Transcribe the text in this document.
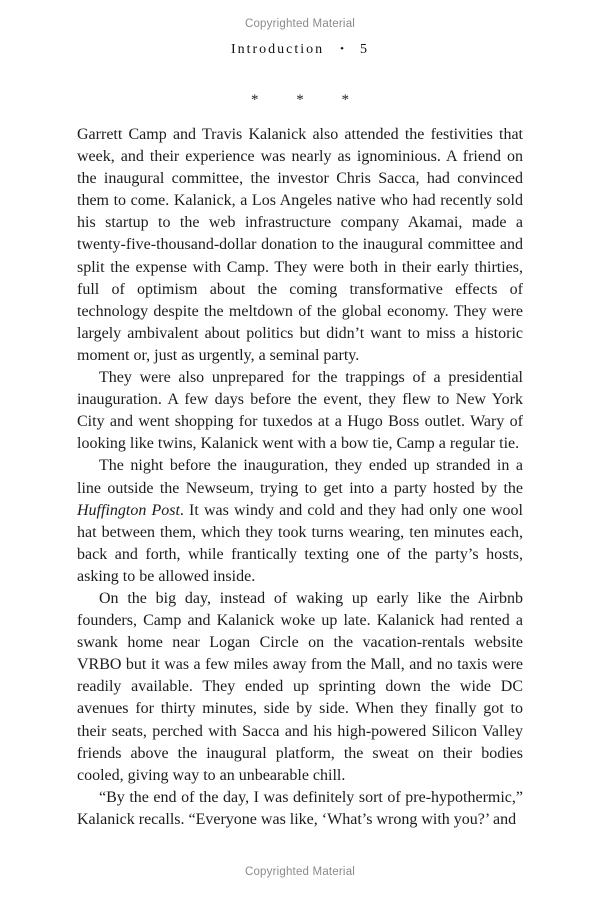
Copyrighted Material
Introduction • 5
* * *

Garrett Camp and Travis Kalanick also attended the festivities that week, and their experience was nearly as ignominious. A friend on the inaugural committee, the investor Chris Sacca, had convinced them to come. Kalanick, a Los Angeles native who had recently sold his startup to the web infrastructure company Akamai, made a twenty-five-thousand-dollar donation to the inaugural committee and split the expense with Camp. They were both in their early thirties, full of optimism about the coming transformative effects of technology despite the meltdown of the global economy. They were largely ambivalent about politics but didn’t want to miss a historic moment or, just as urgently, a seminal party.

They were also unprepared for the trappings of a presidential inauguration. A few days before the event, they flew to New York City and went shopping for tuxedos at a Hugo Boss outlet. Wary of looking like twins, Kalanick went with a bow tie, Camp a regular tie.

The night before the inauguration, they ended up stranded in a line outside the Newseum, trying to get into a party hosted by the Huffington Post. It was windy and cold and they had only one wool hat between them, which they took turns wearing, ten minutes each, back and forth, while frantically texting one of the party’s hosts, asking to be allowed inside.

On the big day, instead of waking up early like the Airbnb founders, Camp and Kalanick woke up late. Kalanick had rented a swank home near Logan Circle on the vacation-rentals website VRBO but it was a few miles away from the Mall, and no taxis were readily available. They ended up sprinting down the wide DC avenues for thirty minutes, side by side. When they finally got to their seats, perched with Sacca and his high-powered Silicon Valley friends above the inaugural platform, the sweat on their bodies cooled, giving way to an unbearable chill.

“By the end of the day, I was definitely sort of pre-hypothermic,” Kalanick recalls. “Everyone was like, ‘What’s wrong with you?’ and

Copyrighted Material
